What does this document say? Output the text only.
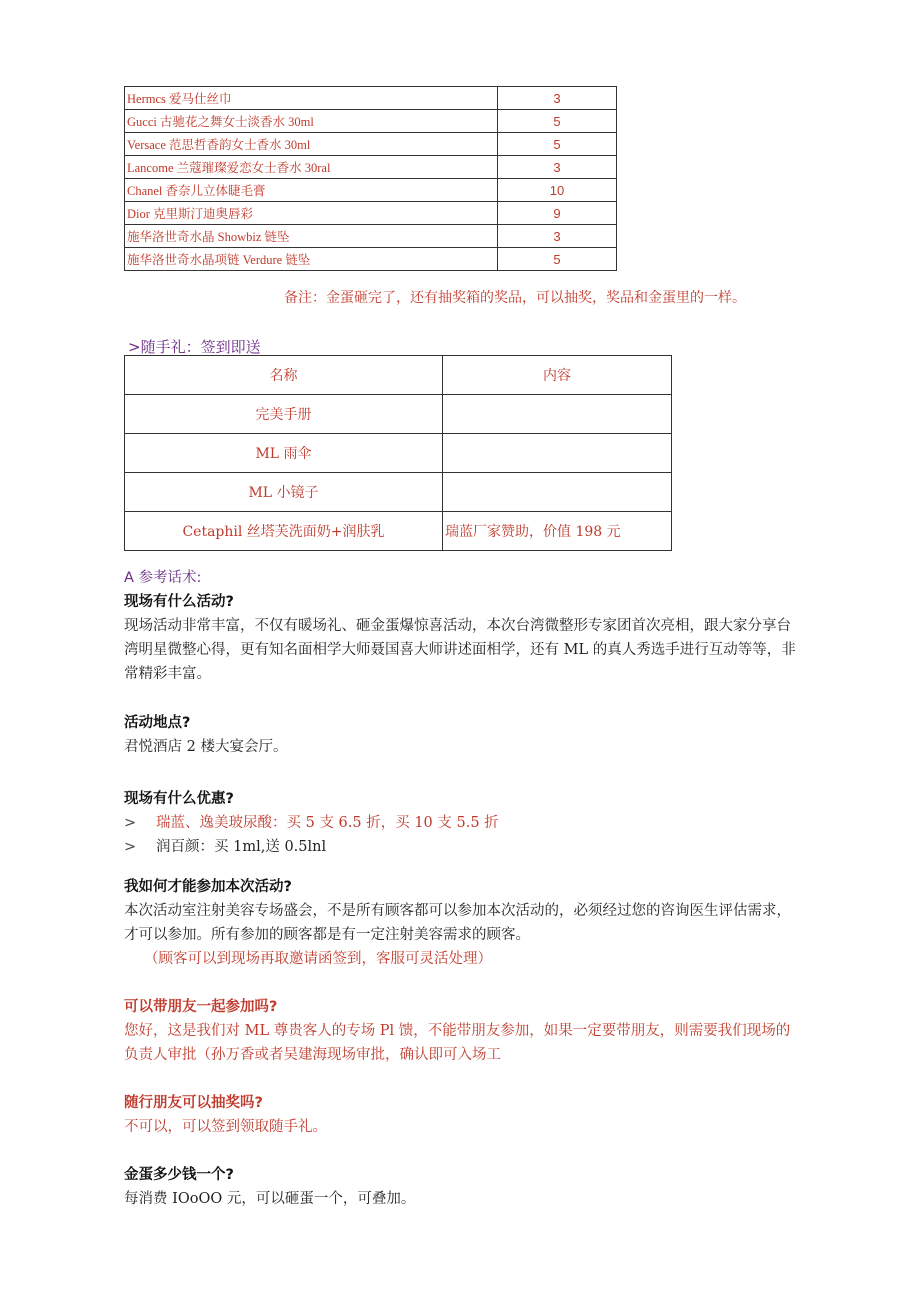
Hermcs 爱马仕丝巾	3
Gucci 古驰花之舞女士淡香水 30ml	5
Versace 范思哲香韵女士香水 30ml	5
Lancome 兰蔻璀璨爱恋女士香水 30ral	3
Chanel 香奈儿立体睫毛膏	10
Dior 克里斯汀迪奥唇彩	9
施华洛世奇水晶 Showbiz 链坠	3
施华洛世奇水晶项链 Verdure 链坠	5
备注：金蛋砸完了，还有抽奖箱的奖品，可以抽奖，奖品和金蛋里的一样。
>随手礼：签到即送
名称	内容
完美手册	
ML 雨伞	
ML 小镜子	
Cetaphil 丝塔芙洗面奶+润肤乳	瑞蓝厂家赞助，价值 198 元
A 参考话术:
现场有什么活动?
现场活动非常丰富，不仅有暖场礼、砸金蛋爆惊喜活动，本次台湾微整形专家团首次亮相，跟大家分享台湾明星微整心得，更有知名面相学大师聂国喜大师讲述面相学，还有 ML 的真人秀选手进行互动等等，非常精彩丰富。
活动地点?
君悦酒店 2 楼大宴会厅。
现场有什么优惠?
>	瑞蓝、逸美玻尿酸：买 5 支 6.5 折，买 10 支 5.5 折
>	润百颜：买 1ml,送 0.5lnl
我如何才能参加本次活动?
本次活动室注射美容专场盛会，不是所有顾客都可以参加本次活动的，必须经过您的咨询医生评估需求，才可以参加。所有参加的顾客都是有一定注射美容需求的顾客。
（顾客可以到现场再取邀请函签到，客服可灵活处理）
可以带朋友一起参加吗?
您好，这是我们对 ML 尊贵客人的专场 Pl 馈，不能带朋友参加，如果一定要带朋友，则需要我们现场的负责人审批（孙万香或者吴建海现场审批，确认即可入场工
随行朋友可以抽奖吗?
不可以，可以签到领取随手礼。
金蛋多少钱一个?
每消费 IOoOO 元，可以砸蛋一个，可叠加。
